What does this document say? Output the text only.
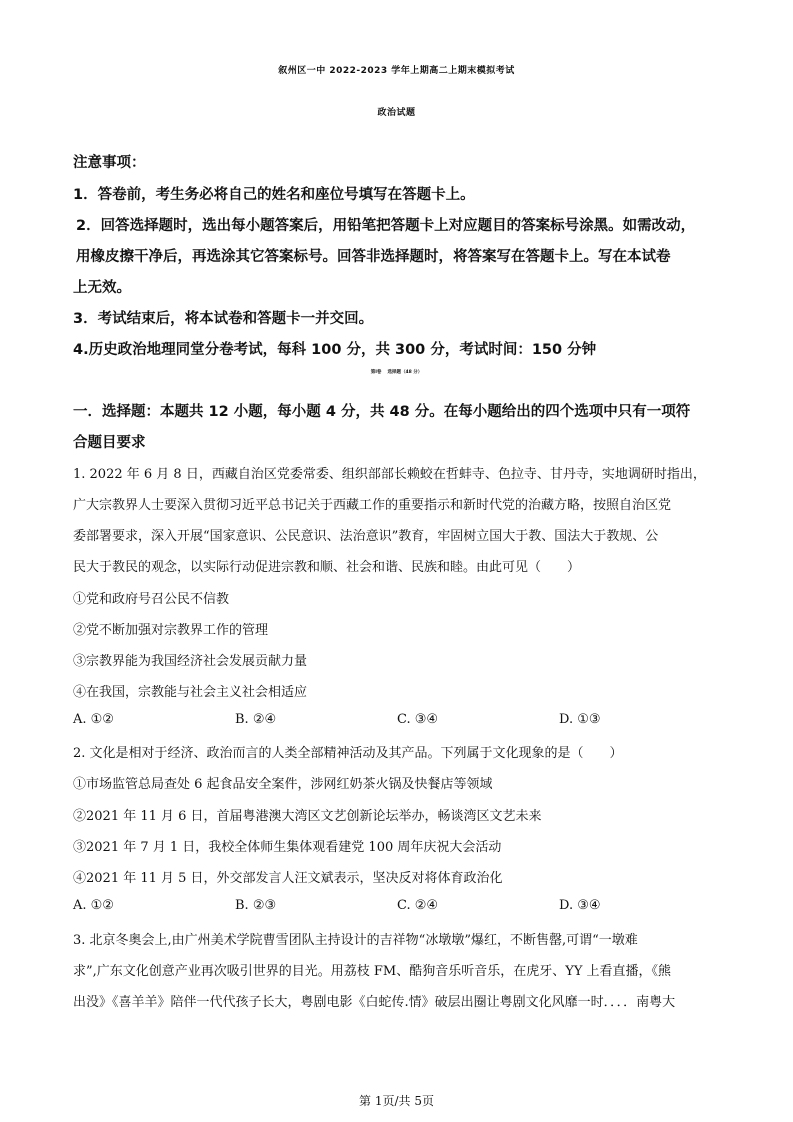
叙州区一中 2022-2023 学年上期高二上期末模拟考试
政治试题
注意事项：
1．答卷前，考生务必将自己的姓名和座位号填写在答题卡上。
2．回答选择题时，选出每小题答案后，用铅笔把答题卡上对应题目的答案标号涂黑。如需改动，
用橡皮擦干净后，再选涂其它答案标号。回答非选择题时，将答案写在答题卡上。写在本试卷
上无效。
3．考试结束后，将本试卷和答题卡一并交回。
4.历史政治地理同堂分卷考试，每科 100 分，共 300 分，考试时间：150 分钟
第Ⅰ卷　 选择题（48 分）
一．选择题：本题共 12 小题，每小题 4 分，共 48 分。在每小题给出的四个选项中只有一项符
合题目要求
1. 2022 年 6 月 8 日，西藏自治区党委常委、组织部部长赖蛟在哲蚌寺、色拉寺、甘丹寺，实地调研时指出，
广大宗教界人士要深入贯彻习近平总书记关于西藏工作的重要指示和新时代党的治藏方略，按照自治区党
委部署要求，深入开展“国家意识、公民意识、法治意识”教育，牢固树立国大于教、国法大于教规、公
民大于教民的观念，以实际行动促进宗教和顺、社会和谐、民族和睦。由此可见（　　）
①党和政府号召公民不信教
②党不断加强对宗教界工作的管理
③宗教界能为我国经济社会发展贡献力量
④在我国，宗教能与社会主义社会相适应
A. ①②	B. ②④	C. ③④	D. ①③
2. 文化是相对于经济、政治而言的人类全部精神活动及其产品。下列属于文化现象的是（　　）
①市场监管总局查处 6 起食品安全案件，涉网红奶茶火锅及快餐店等领域
②2021 年 11 月 6 日，首届粤港澳大湾区文艺创新论坛举办，畅谈湾区文艺未来
③2021 年 7 月 1 日，我校全体师生集体观看建党 100 周年庆祝大会活动
④2021 年 11 月 5 日，外交部发言人汪文斌表示，坚决反对将体育政治化
A. ①②	B. ②③	C. ②④	D. ③④
3. 北京冬奥会上,由广州美术学院曹雪团队主持设计的吉祥物“冰墩墩”爆红，不断售罄,可谓“一墩难
求”,广东文化创意产业再次吸引世界的目光。用荔枝 FM、酷狗音乐听音乐，在虎牙、YY 上看直播，《熊
出没》《喜羊羊》陪伴一代代孩子长大，粤剧电影《白蛇传.情》破层出圈让粤剧文化风靡一时．．．．南粤大
第 1页/共 5页
